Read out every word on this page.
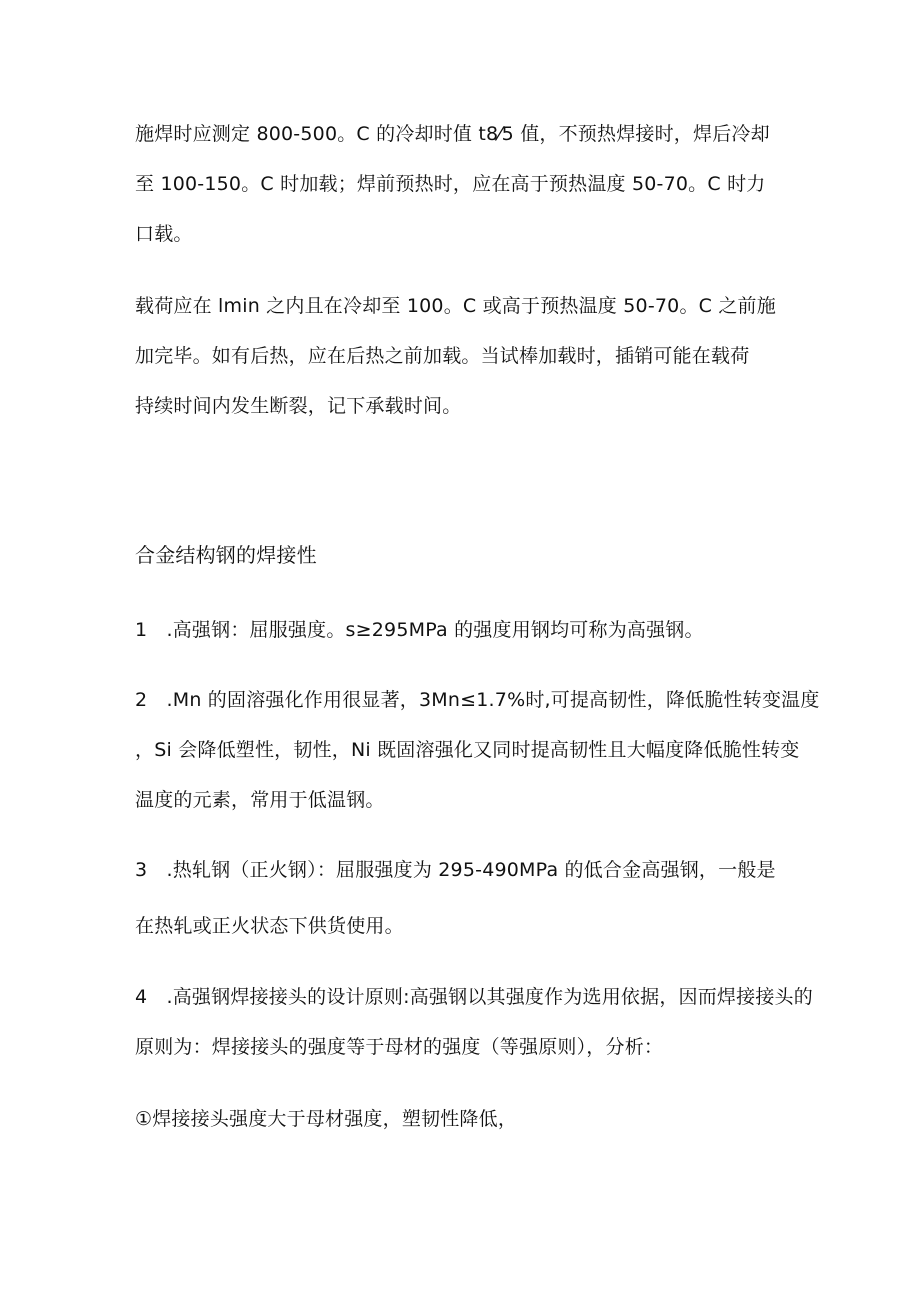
施焊时应测定 800-500。C 的冷却时值 t8⁄5 值，不预热焊接时，焊后冷却

至 100-150。C 时加载；焊前预热时，应在高于预热温度 50-70。C 时力

口载。

载荷应在 lmin 之内且在冷却至 100。C 或高于预热温度 50-70。C 之前施

加完毕。如有后热，应在后热之前加载。当试棒加载时，插销可能在载荷

持续时间内发生断裂，记下承载时间。

合金结构钢的焊接性

1　.高强钢：屈服强度。s≥295MPa 的强度用钢均可称为高强钢。

2　.Mn 的固溶强化作用很显著，3Mn≤1.7%时,可提高韧性，降低脆性转变温度

，Si 会降低塑性，韧性，Ni 既固溶强化又同时提高韧性且大幅度降低脆性转变

温度的元素，常用于低温钢。

3　.热轧钢（正火钢）：屈服强度为 295-490MPa 的低合金高强钢，一般是

在热轧或正火状态下供货使用。

4　.高强钢焊接接头的设计原则:高强钢以其强度作为选用依据，因而焊接接头的

原则为：焊接接头的强度等于母材的强度（等强原则），分析：

①焊接接头强度大于母材强度，塑韧性降低，
